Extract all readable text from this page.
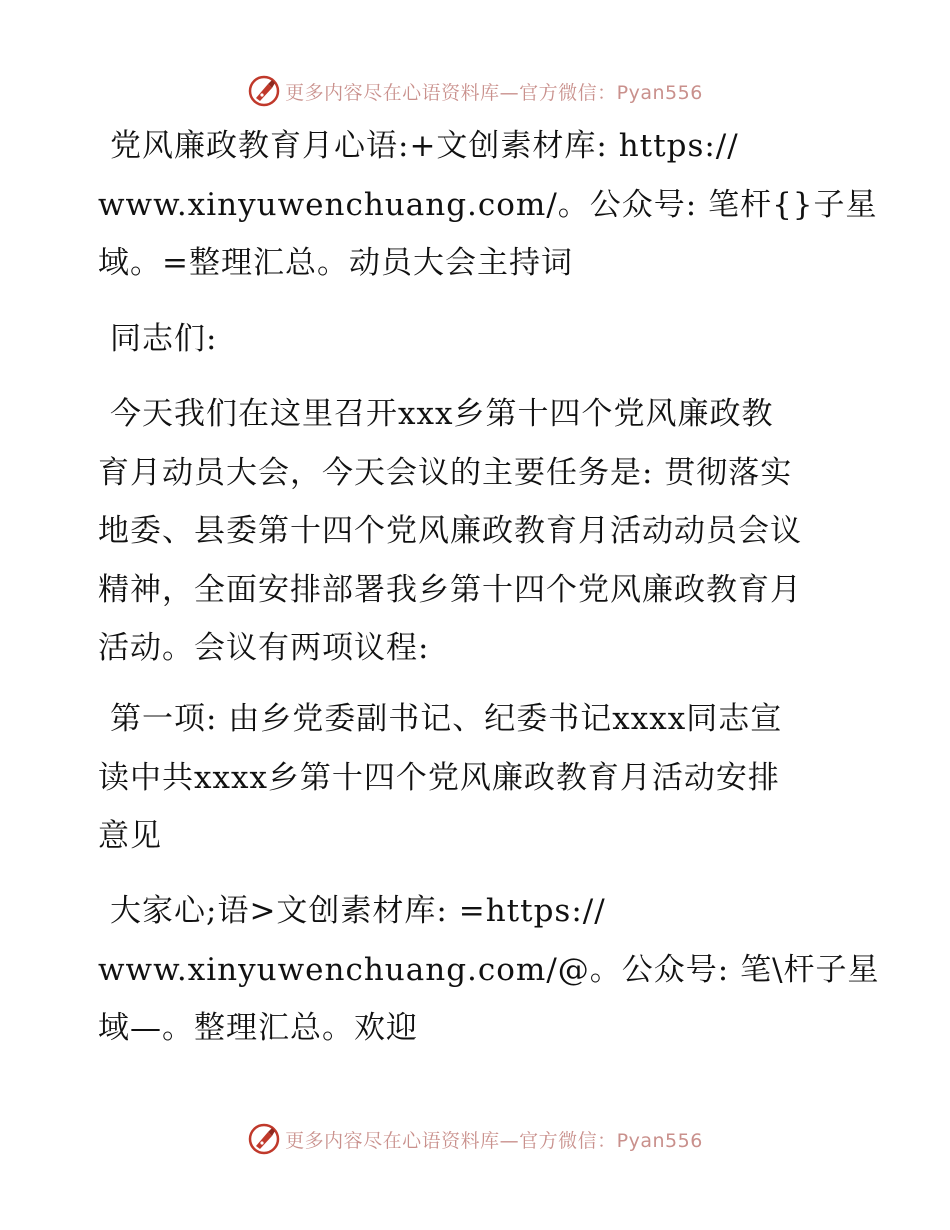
更多内容尽在心语资料库—官方微信：Pyan556

党风廉政教育月心语:+文创素材库: https://
www.xinyuwenchuang.com/。公众号: 笔杆{}子星
域。=整理汇总。动员大会主持词

同志们:

今天我们在这里召开xxx乡第十四个党风廉政教
育月动员大会，今天会议的主要任务是: 贯彻落实
地委、县委第十四个党风廉政教育月活动动员会议
精神，全面安排部署我乡第十四个党风廉政教育月
活动。会议有两项议程:

第一项: 由乡党委副书记、纪委书记xxxx同志宣
读中共xxxx乡第十四个党风廉政教育月活动安排
意见

大家心;语>文创素材库: =https://
www.xinyuwenchuang.com/@。公众号: 笔\杆子星
域—。整理汇总。欢迎

更多内容尽在心语资料库—官方微信：Pyan556
